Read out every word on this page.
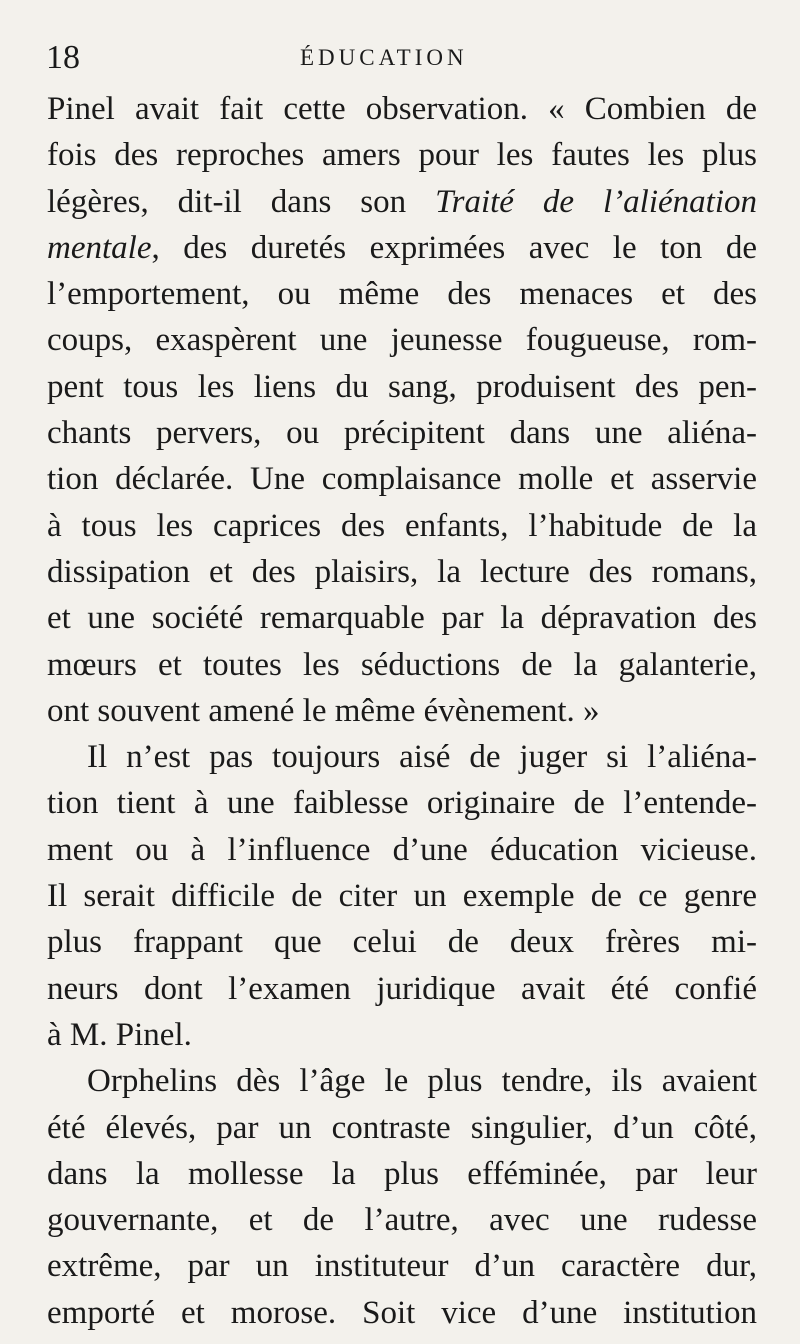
18	ÉDUCATION
Pinel avait fait cette observation. « Combien de
fois des reproches amers pour les fautes les plus
légères, dit-il dans son Traité de l’aliénation
mentale, des duretés exprimées avec le ton de
l’emportement, ou même des menaces et des
coups, exaspèrent une jeunesse fougueuse, rom-
pent tous les liens du sang, produisent des pen-
chants pervers, ou précipitent dans une aliéna-
tion déclarée. Une complaisance molle et asservie
à tous les caprices des enfants, l’habitude de la
dissipation et des plaisirs, la lecture des romans,
et une société remarquable par la dépravation des
mœurs et toutes les séductions de la galanterie,
ont souvent amené le même évènement. »
Il n’est pas toujours aisé de juger si l’aliéna-
tion tient à une faiblesse originaire de l’entende-
ment ou à l’influence d’une éducation vicieuse.
Il serait difficile de citer un exemple de ce genre
plus frappant que celui de deux frères mi-
neurs dont l’examen juridique avait été confié
à M. Pinel.
Orphelins dès l’âge le plus tendre, ils avaient
été élevés, par un contraste singulier, d’un côté,
dans la mollesse la plus efféminée, par leur
gouvernante, et de l’autre, avec une rudesse
extrême, par un instituteur d’un caractère dur,
emporté et morose. Soit vice d’une institution
